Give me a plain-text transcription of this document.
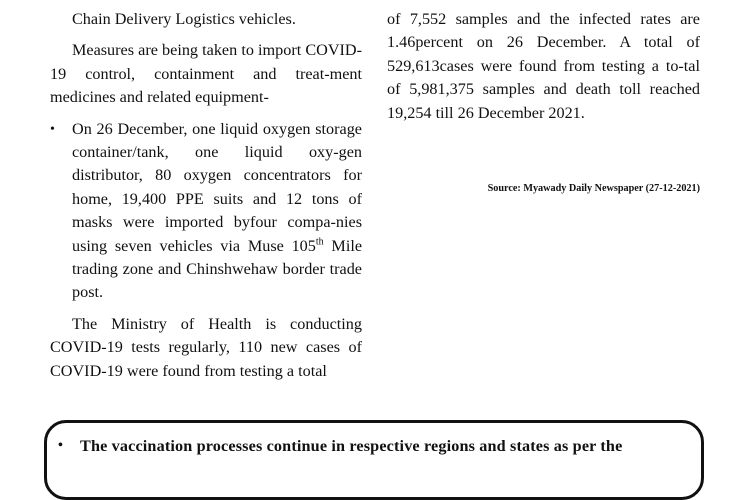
Chain Delivery Logistics vehicles.

Measures are being taken to import COVID-19 control, containment and treat-ment medicines and related equipment-

•	On 26 December, one liquid oxygen storage container/tank, one liquid oxy-gen distributor, 80 oxygen concentrators for home, 19,400 PPE suits and 12 tons of masks were imported byfour compa-nies using seven vehicles via Muse 105th Mile trading zone and Chinshwehaw border trade post.

The Ministry of Health is conducting COVID-19 tests regularly, 110 new cases of COVID-19 were found from testing a total

of 7,552 samples and the infected rates are 1.46percent on 26 December. A total of 529,613cases were found from testing a to-tal of 5,981,375 samples and death toll reached 19,254 till 26 December 2021.

Source: Myawady Daily Newspaper (27-12-2021)
• The vaccination processes continue in respective regions and states as per the
